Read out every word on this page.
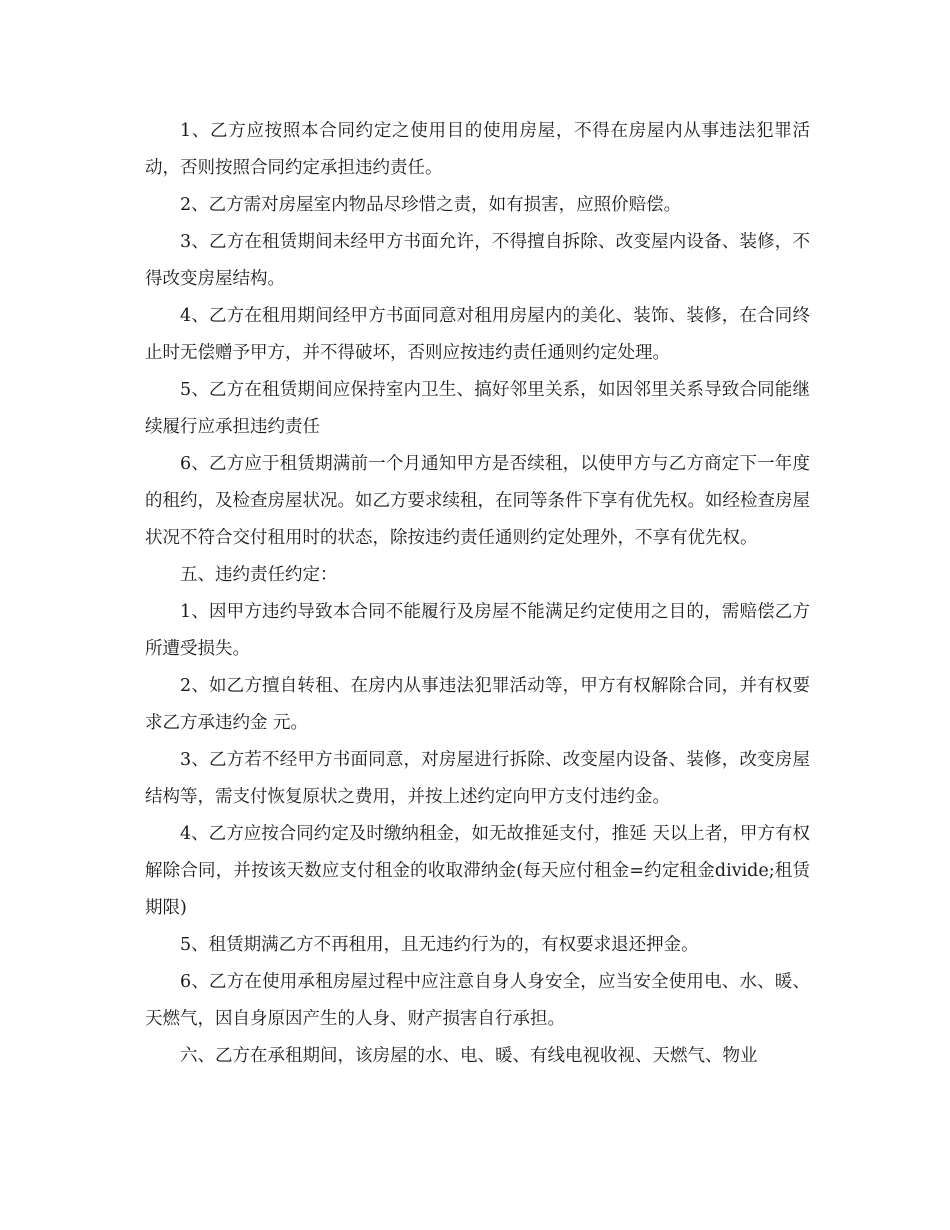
1、乙方应按照本合同约定之使用目的使用房屋，不得在房屋内从事违法犯罪活动，否则按照合同约定承担违约责任。

2、乙方需对房屋室内物品尽珍惜之责，如有损害，应照价赔偿。

3、乙方在租赁期间未经甲方书面允许，不得擅自拆除、改变屋内设备、装修，不得改变房屋结构。

4、乙方在租用期间经甲方书面同意对租用房屋内的美化、装饰、装修，在合同终止时无偿赠予甲方，并不得破坏，否则应按违约责任通则约定处理。

5、乙方在租赁期间应保持室内卫生、搞好邻里关系，如因邻里关系导致合同能继续履行应承担违约责任

6、乙方应于租赁期满前一个月通知甲方是否续租，以使甲方与乙方商定下一年度的租约，及检查房屋状况。如乙方要求续租，在同等条件下享有优先权。如经检查房屋状况不符合交付租用时的状态，除按违约责任通则约定处理外，不享有优先权。

五、违约责任约定：

1、因甲方违约导致本合同不能履行及房屋不能满足约定使用之目的，需赔偿乙方所遭受损失。

2、如乙方擅自转租、在房内从事违法犯罪活动等，甲方有权解除合同，并有权要求乙方承违约金 元。

3、乙方若不经甲方书面同意，对房屋进行拆除、改变屋内设备、装修，改变房屋结构等，需支付恢复原状之费用，并按上述约定向甲方支付违约金。

4、乙方应按合同约定及时缴纳租金，如无故推延支付，推延 天以上者，甲方有权解除合同，并按该天数应支付租金的收取滞纳金(每天应付租金=约定租金divide;租赁期限)

5、租赁期满乙方不再租用，且无违约行为的，有权要求退还押金。

6、乙方在使用承租房屋过程中应注意自身人身安全，应当安全使用电、水、暖、天燃气，因自身原因产生的人身、财产损害自行承担。

六、乙方在承租期间，该房屋的水、电、暖、有线电视收视、天燃气、物业
